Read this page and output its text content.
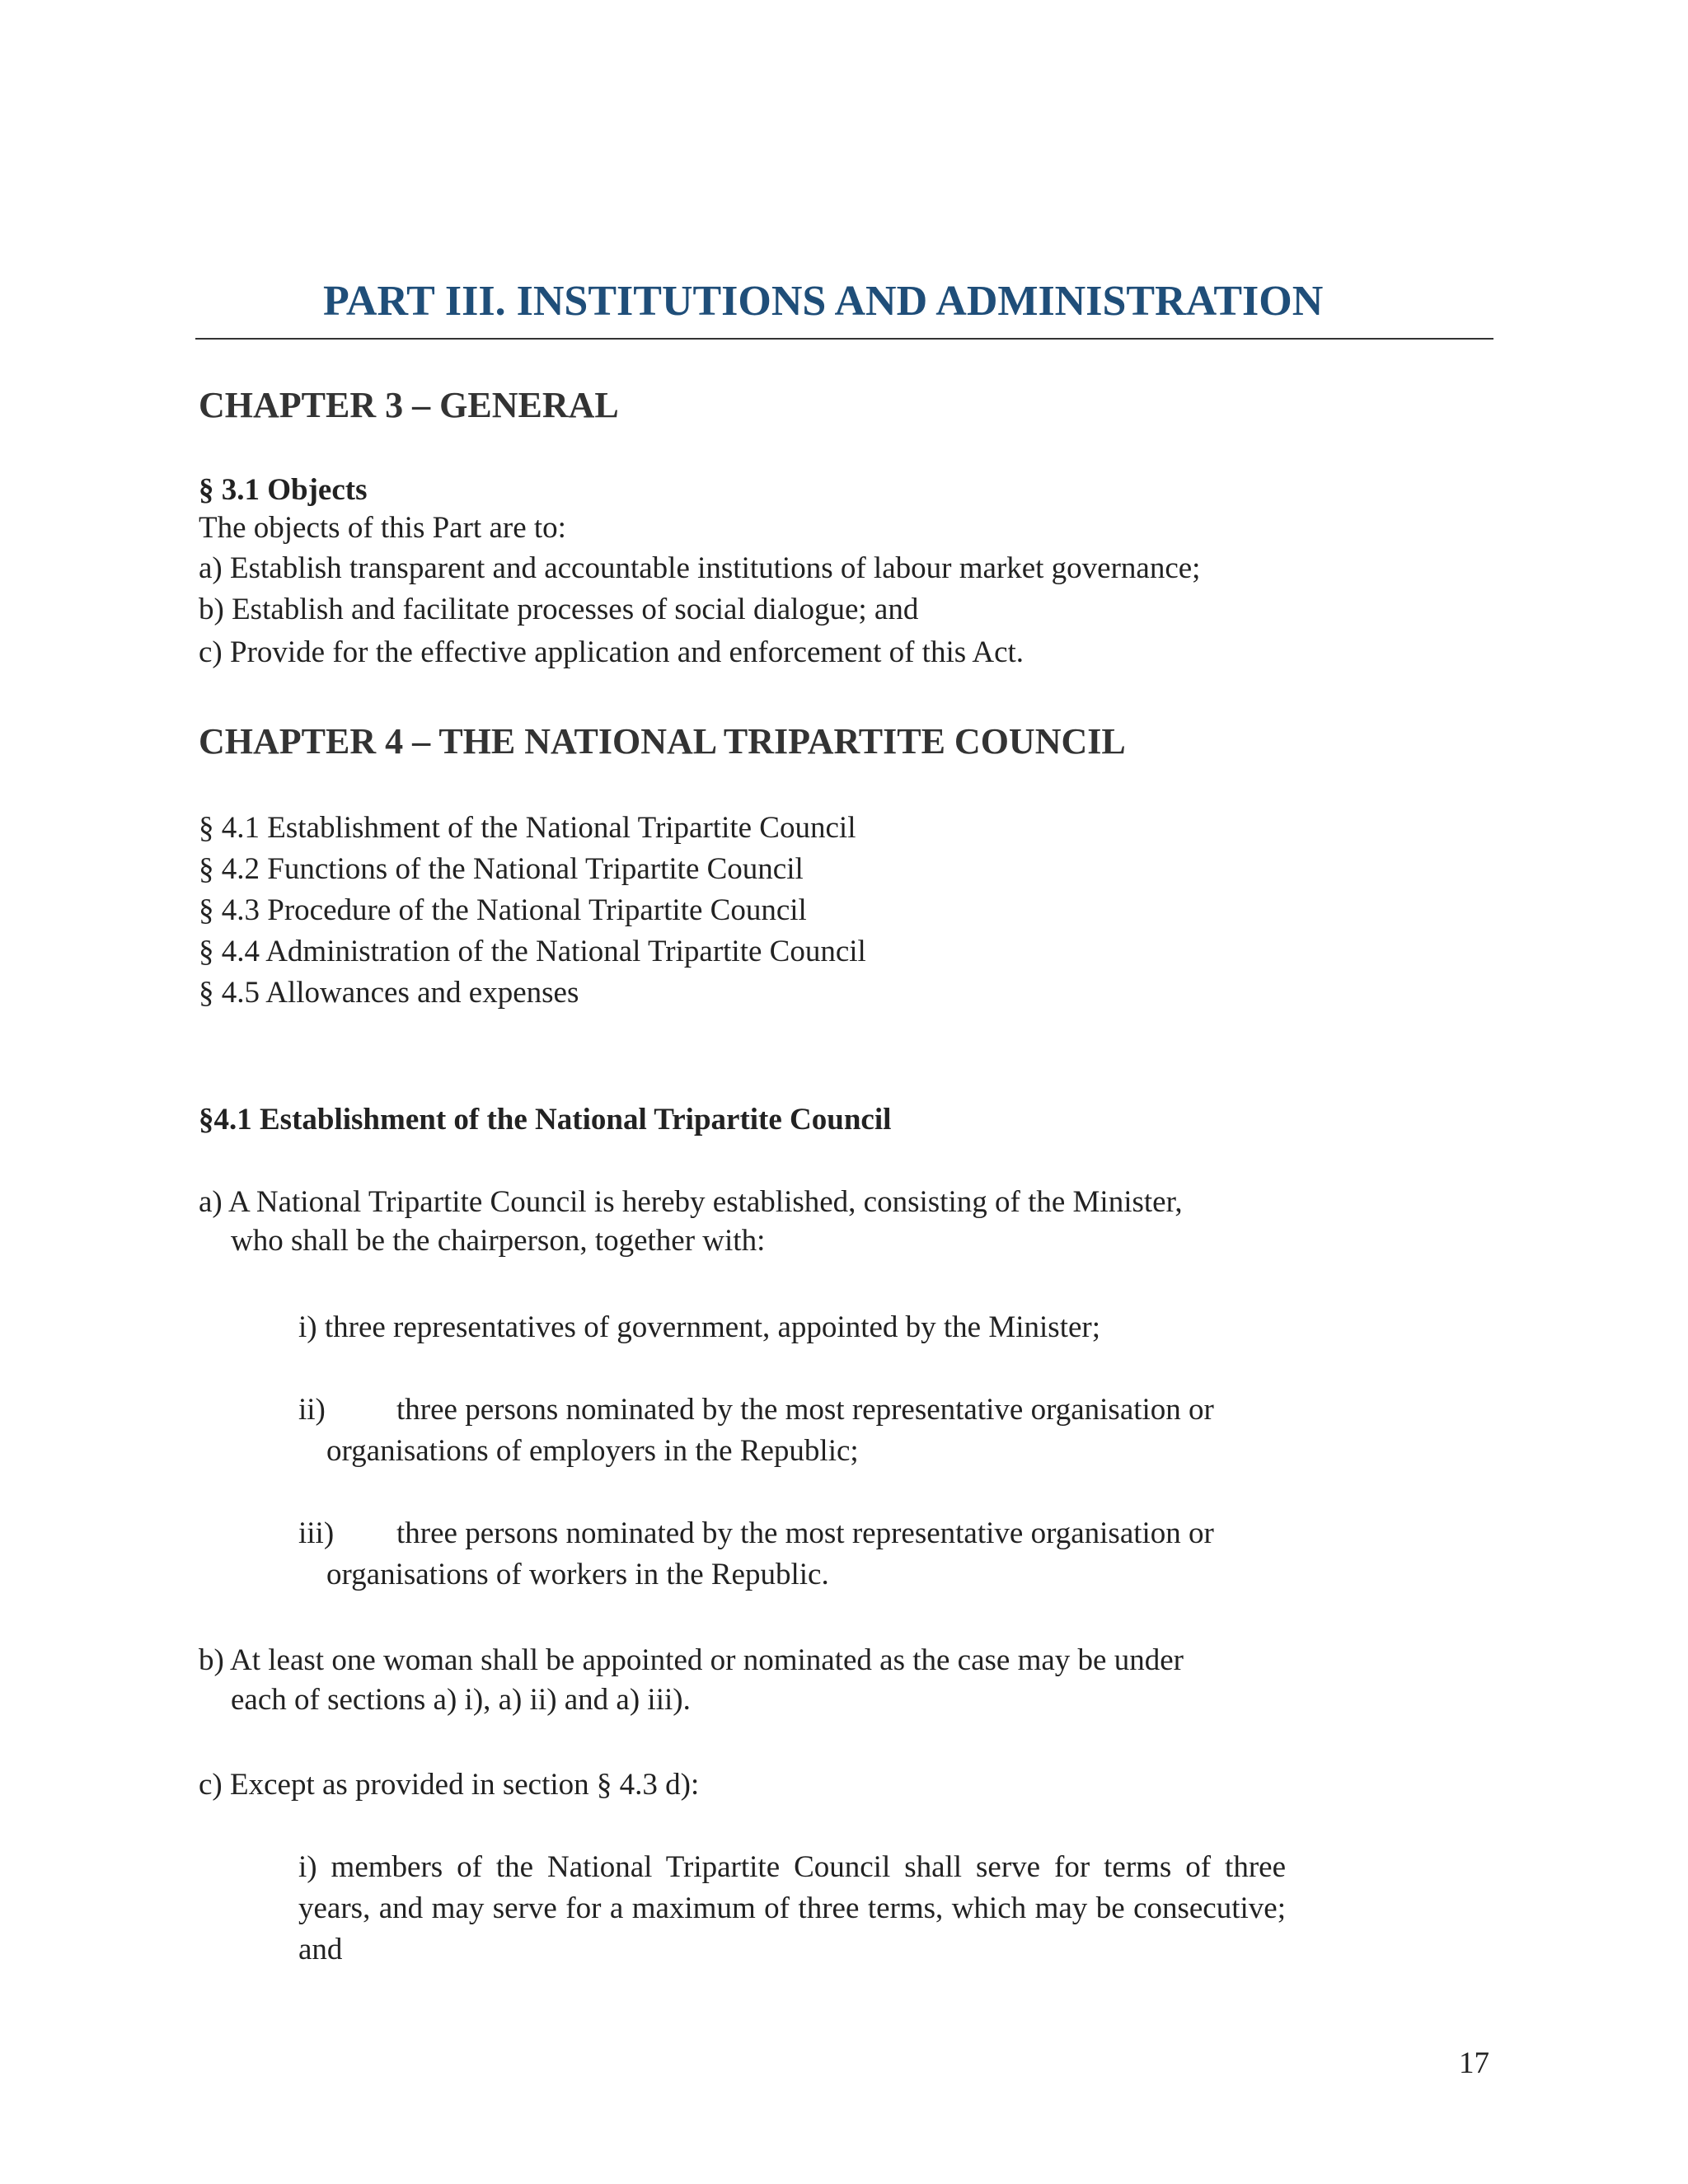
PART III. INSTITUTIONS AND ADMINISTRATION
CHAPTER 3 – GENERAL
§ 3.1 Objects
The objects of this Part are to:
a) Establish transparent and accountable institutions of labour market governance;
b) Establish and facilitate processes of social dialogue; and
c) Provide for the effective application and enforcement of this Act.
CHAPTER 4 – THE NATIONAL TRIPARTITE COUNCIL
§ 4.1 Establishment of the National Tripartite Council
§ 4.2 Functions of the National Tripartite Council
§ 4.3 Procedure of the National Tripartite Council
§ 4.4 Administration of the National Tripartite Council
§ 4.5 Allowances and expenses
§4.1 Establishment of the National Tripartite Council
a) A National Tripartite Council is hereby established, consisting of the Minister,
who shall be the chairperson, together with:
i) three representatives of government, appointed by the Minister;
ii) three persons nominated by the most representative organisation or
organisations of employers in the Republic;
iii) three persons nominated by the most representative organisation or
organisations of workers in the Republic.
b) At least one woman shall be appointed or nominated as the case may be under
each of sections a) i), a) ii) and a) iii).
c) Except as provided in section § 4.3 d):
i) members of the National Tripartite Council shall serve for terms of three years, and may serve for a maximum of three terms, which may be consecutive; and
17
